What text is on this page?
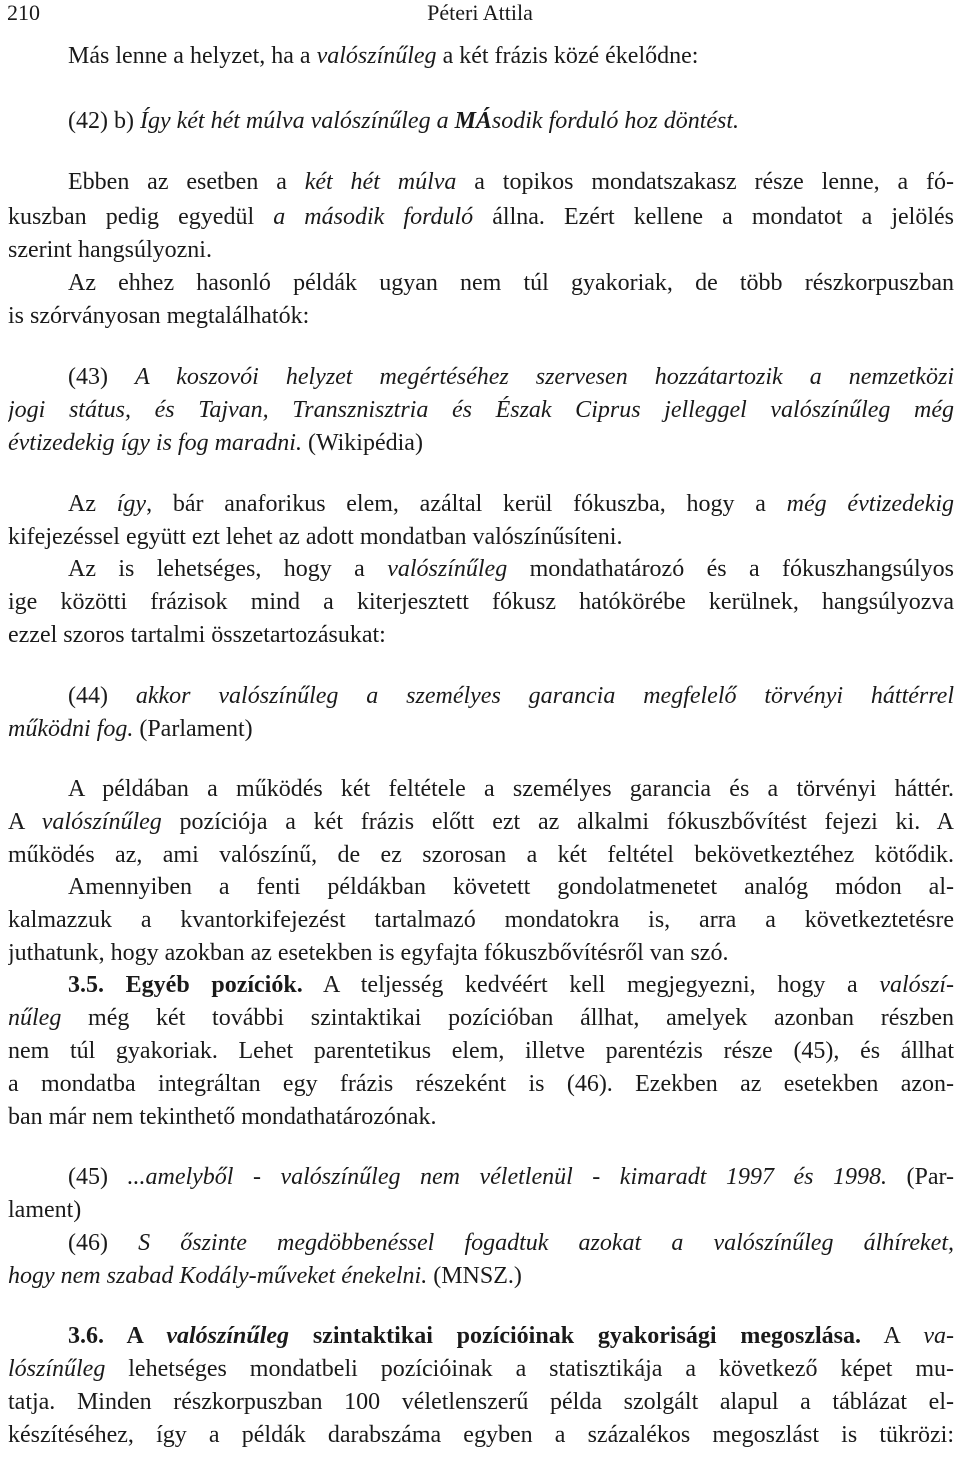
210	Péteri Attila
Más lenne a helyzet, ha a valószínűleg a két frázis közé ékelődne:
(42) b) Így két hét múlva valószínűleg a MÁsodik forduló hoz döntést.
Ebben az esetben a két hét múlva a topikos mondatszakasz része lenne, a fó-
kuszban pedig egyedül a második forduló állna. Ezért kellene a mondatot a jelölés
szerint hangsúlyozni.
Az ehhez hasonló példák ugyan nem túl gyakoriak, de több részkorpuszban
is szórványosan megtalálhatók:
(43) A koszovói helyzet megértéséhez szervesen hozzátartozik a nemzetközi
jogi státus, és Tajvan, Transznisztria és Észak Ciprus jelleggel valószínűleg még
évtizedekig így is fog maradni. (Wikipédia)
Az így, bár anaforikus elem, azáltal kerül fókuszba, hogy a még évtizedekig
kifejezéssel együtt ezt lehet az adott mondatban valószínűsíteni.
Az is lehetséges, hogy a valószínűleg mondathatározó és a fókuszhangsúlyos
ige közötti frázisok mind a kiterjesztett fókusz hatókörébe kerülnek, hangsúlyozva
ezzel szoros tartalmi összetartozásukat:
(44) akkor valószínűleg a személyes garancia megfelelő törvényi háttérrel
működni fog. (Parlament)
A példában a működés két feltétele a személyes garancia és a törvényi háttér.
A valószínűleg pozíciója a két frázis előtt ezt az alkalmi fókuszbővítést fejezi ki. A
működés az, ami valószínű, de ez szorosan a két feltétel bekövetkeztéhez kötődik.
Amennyiben a fenti példákban követett gondolatmenetet analóg módon al-
kalmazzuk a kvantorkifejezést tartalmazó mondatokra is, arra a következtetésre
juthatunk, hogy azokban az esetekben is egyfajta fókuszbővítésről van szó.
3.5. Egyéb pozíciók. A teljesség kedvéért kell megjegyezni, hogy a valószí-
nűleg még két további szintaktikai pozícióban állhat, amelyek azonban részben
nem túl gyakoriak. Lehet parentetikus elem, illetve parentézis része (45), és állhat
a mondatba integráltan egy frázis részeként is (46). Ezekben az esetekben azon-
ban már nem tekinthető mondathatározónak.
(45) ...amelyből - valószínűleg nem véletlenül - kimaradt 1997 és 1998. (Par-
lament)
(46) S őszinte megdöbbenéssel fogadtuk azokat a valószínűleg álhíreket,
hogy nem szabad Kodály-műveket énekelni. (MNSZ.)
3.6. A valószínűleg szintaktikai pozícióinak gyakorisági megoszlása. A va-
lószínűleg lehetséges mondatbeli pozícióinak a statisztikája a következő képet mu-
tatja. Minden részkorpuszban 100 véletlenszerű példa szolgált alapul a táblázat el-
készítéséhez, így a példák darabszáma egyben a százalékos megoszlást is tükrözi:
